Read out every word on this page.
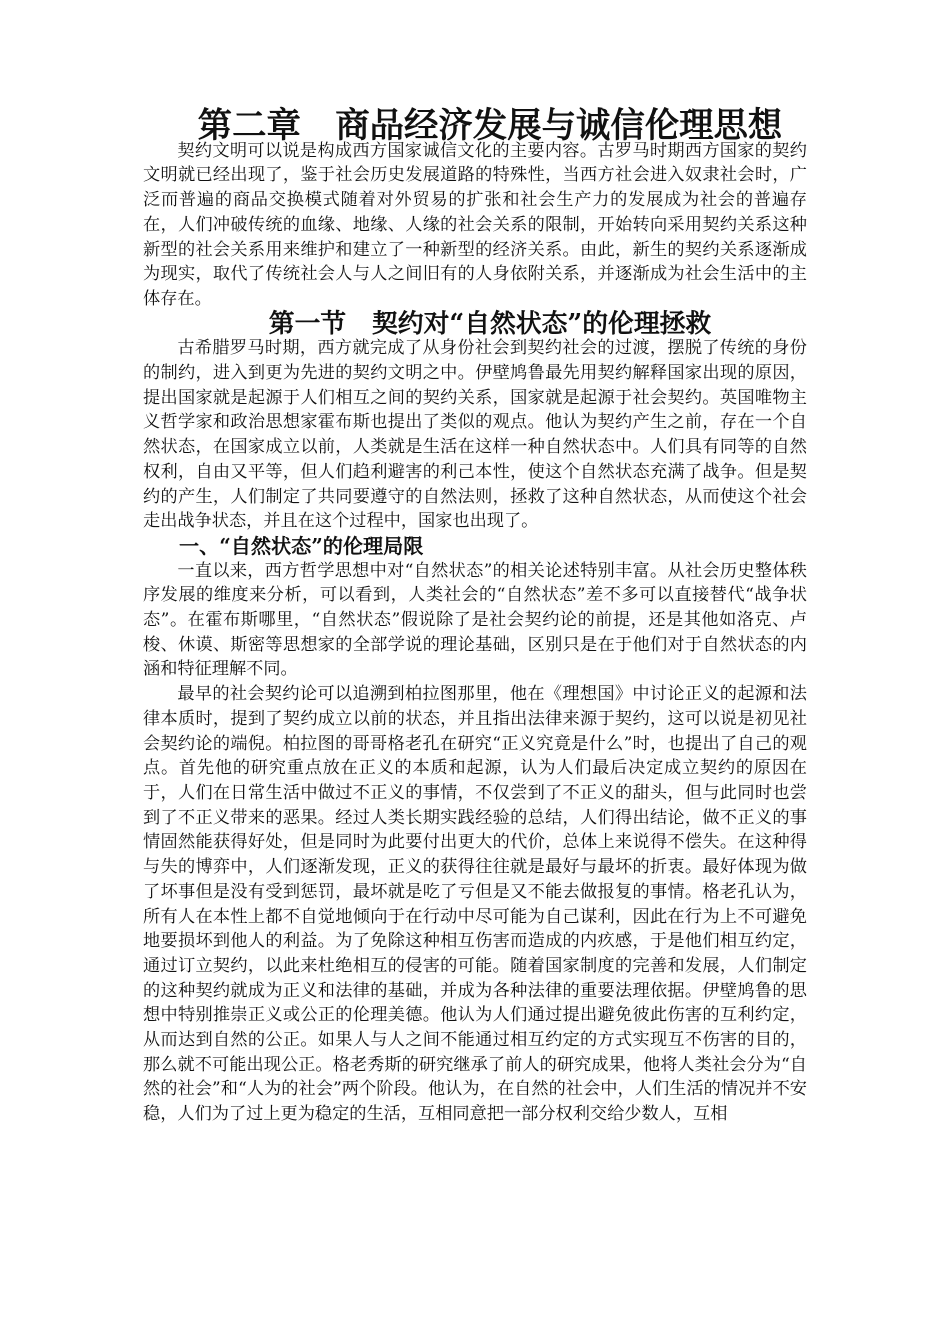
第二章　商品经济发展与诚信伦理思想

契约文明可以说是构成西方国家诚信文化的主要内容。古罗马时期西方国家的契约文明就已经出现了，鉴于社会历史发展道路的特殊性，当西方社会进入奴隶社会时，广泛而普遍的商品交换模式随着对外贸易的扩张和社会生产力的发展成为社会的普遍存在，人们冲破传统的血缘、地缘、人缘的社会关系的限制，开始转向采用契约关系这种新型的社会关系用来维护和建立了一种新型的经济关系。由此，新生的契约关系逐渐成为现实，取代了传统社会人与人之间旧有的人身依附关系，并逐渐成为社会生活中的主体存在。

第一节　契约对“自然状态”的伦理拯救

古希腊罗马时期，西方就完成了从身份社会到契约社会的过渡，摆脱了传统的身份的制约，进入到更为先进的契约文明之中。伊壁鸠鲁最先用契约解释国家出现的原因，提出国家就是起源于人们相互之间的契约关系，国家就是起源于社会契约。英国唯物主义哲学家和政治思想家霍布斯也提出了类似的观点。他认为契约产生之前，存在一个自然状态，在国家成立以前，人类就是生活在这样一种自然状态中。人们具有同等的自然权利，自由又平等，但人们趋利避害的利己本性，使这个自然状态充满了战争。但是契约的产生，人们制定了共同要遵守的自然法则，拯救了这种自然状态，从而使这个社会走出战争状态，并且在这个过程中，国家也出现了。

一、“自然状态”的伦理局限

一直以来，西方哲学思想中对“自然状态”的相关论述特别丰富。从社会历史整体秩序发展的维度来分析，可以看到，人类社会的“自然状态”差不多可以直接替代“战争状态”。在霍布斯哪里，“自然状态”假说除了是社会契约论的前提，还是其他如洛克、卢梭、休谟、斯密等思想家的全部学说的理论基础，区别只是在于他们对于自然状态的内涵和特征理解不同。

最早的社会契约论可以追溯到柏拉图那里，他在《理想国》中讨论正义的起源和法律本质时，提到了契约成立以前的状态，并且指出法律来源于契约，这可以说是初见社会契约论的端倪。柏拉图的哥哥格老孔在研究“正义究竟是什么”时，也提出了自己的观点。首先他的研究重点放在正义的本质和起源，认为人们最后决定成立契约的原因在于，人们在日常生活中做过不正义的事情，不仅尝到了不正义的甜头，但与此同时也尝到了不正义带来的恶果。经过人类长期实践经验的总结，人们得出结论，做不正义的事情固然能获得好处，但是同时为此要付出更大的代价，总体上来说得不偿失。在这种得与失的博弈中，人们逐渐发现，正义的获得往往就是最好与最坏的折衷。最好体现为做了坏事但是没有受到惩罚，最坏就是吃了亏但是又不能去做报复的事情。格老孔认为，所有人在本性上都不自觉地倾向于在行动中尽可能为自己谋利，因此在行为上不可避免地要损坏到他人的利益。为了免除这种相互伤害而造成的内疚感，于是他们相互约定，通过订立契约，以此来杜绝相互的侵害的可能。随着国家制度的完善和发展，人们制定的这种契约就成为正义和法律的基础，并成为各种法律的重要法理依据。伊壁鸠鲁的思想中特别推崇正义或公正的伦理美德。他认为人们通过提出避免彼此伤害的互利约定，从而达到自然的公正。如果人与人之间不能通过相互约定的方式实现互不伤害的目的，那么就不可能出现公正。格老秀斯的研究继承了前人的研究成果，他将人类社会分为“自然的社会”和“人为的社会”两个阶段。他认为，在自然的社会中，人们生活的情况并不安稳，人们为了过上更为稳定的生活，互相同意把一部分权利交给少数人，互相
